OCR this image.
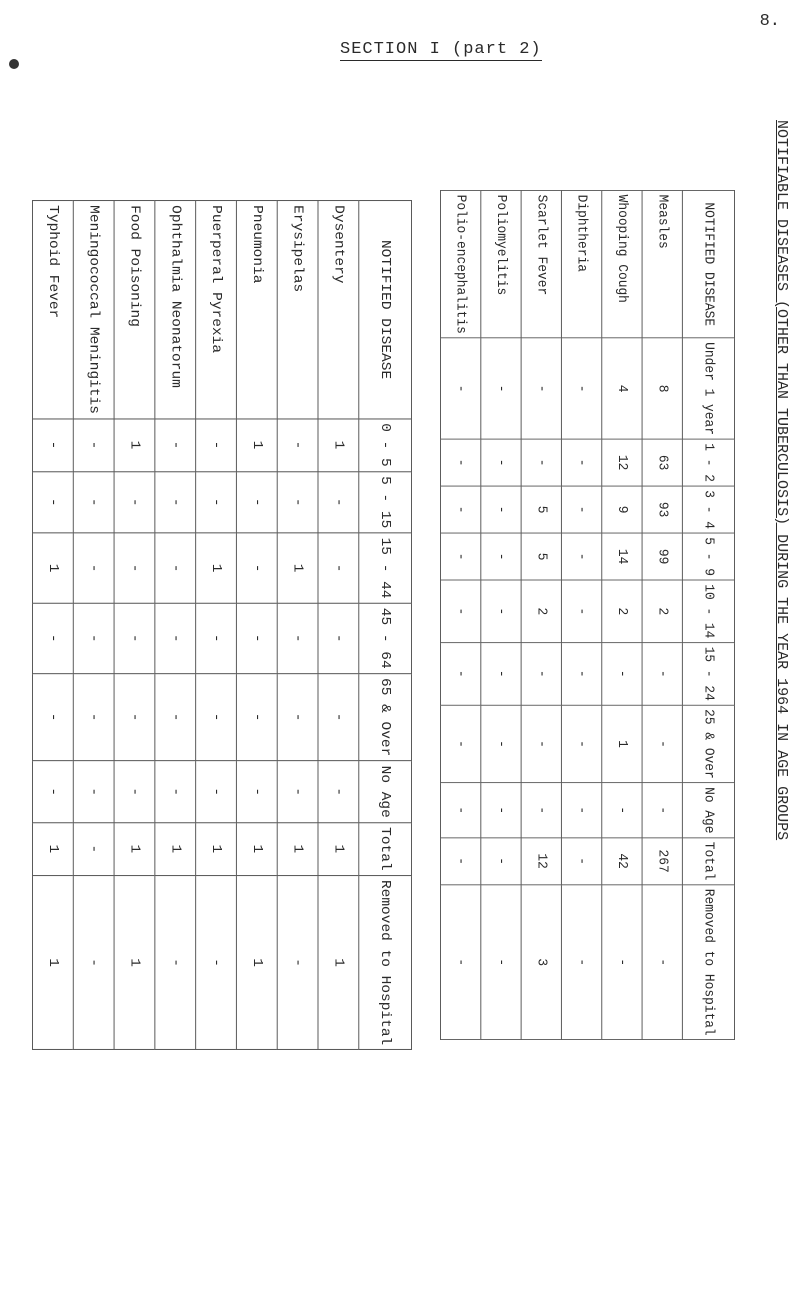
8.
SECTION I (part 2)
NOTIFIABLE DISEASES (OTHER THAN TUBERCULOSIS) DURING THE YEAR 1964 IN AGE GROUPS
NOTIFIED DISEASE	0 - 5	5 - 15	15 - 44	45 - 64	65 & Over	No Age	Total	Removed to Hospital
Dysentery	1	-	-	-	-	-	1	1
Erysipelas	-	-	1	-	-	-	1	-
Pneumonia	1	-	-	-	-	-	1	1
Puerperal Pyrexia	-	-	1	-	-	-	1	-
Ophthalmia Neonatorum	-	-	-	-	-	-	1	-
Food Poisoning	1	-	-	-	-	-	1	1
Meningococcal Meningitis	-	-	-	-	-	-	-	-
Typhoid Fever	-	-	1	-	-	-	1	1
NOTIFIED DISEASE	Under 1 year	1 - 2	3 - 4	5 - 9	10 - 14	15 - 24	25 & Over	No Age	Total	Removed to Hospital
Measles	8	63	93	99	2	-	-	-	267	-
Whooping Cough	4	12	9	14	2	-	1	-	42	-
Diphtheria	-	-	-	-	-	-	-	-	-	-
Scarlet Fever	-	-	5	5	2	-	-	-	12	3
Poliomyelitis	-	-	-	-	-	-	-	-	-	-
Polio-encephalitis	-	-	-	-	-	-	-	-	-	-
